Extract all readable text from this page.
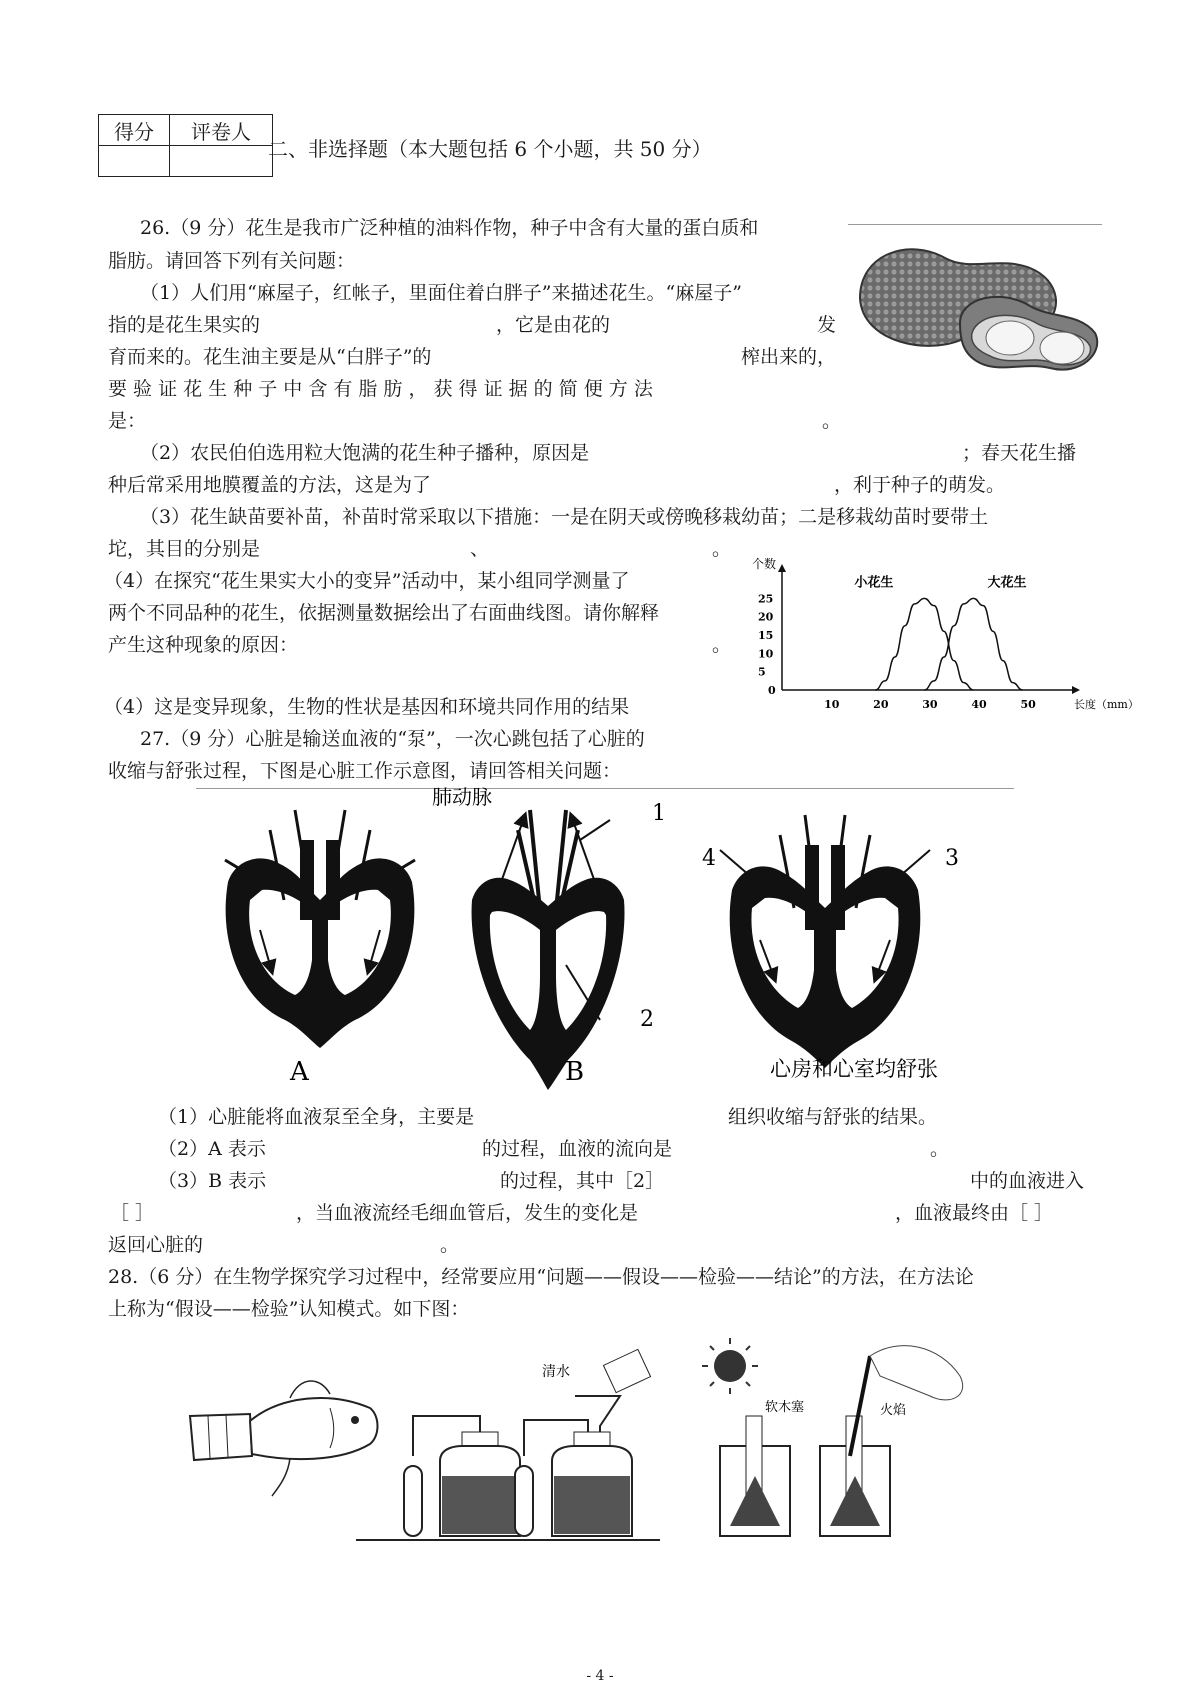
得分	评卷人

二、非选择题（本大题包括 6 个小题，共 50 分）
26.（9 分）花生是我市广泛种植的油料作物，种子中含有大量的蛋白质和
脂肪。请回答下列有关问题：
（1）人们用“麻屋子，红帐子，里面住着白胖子”来描述花生。“麻屋子”
指的是花生果实的	，它是由花的	发
育而来的。花生油主要是从“白胖子”的	榨出来的，
要 验 证 花 生 种 子 中 含 有 脂 肪 ， 获 得 证 据 的 简 便 方 法
是：	。
（2）农民伯伯选用粒大饱满的花生种子播种，原因是	；春天花生播
种后常采用地膜覆盖的方法，这是为了	，利于种子的萌发。
（3）花生缺苗要补苗，补苗时常采取以下措施：一是在阴天或傍晚移栽幼苗；二是移栽幼苗时要带土
坨，其目的分别是	、	。
（4）在探究“花生果实大小的变异”活动中，某小组同学测量了
两个不同品种的花生，依据测量数据绘出了右面曲线图。请你解释
产生这种现象的原因：	。
（4）这是变异现象，生物的性状是基因和环境共同作用的结果
个数
长度（mm）
0
10	20	30	40	50
5
10
15
20
25
小花生	大花生
27.（9 分）心脏是输送血液的“泵”，一次心跳包括了心脏的
收缩与舒张过程，下图是心脏工作示意图，请回答相关问题：
肺动脉
1
2
3
4
A	B	心房和心室均舒张
（1）心脏能将血液泵至全身，主要是	组织收缩与舒张的结果。
（2）A 表示	的过程，血液的流向是	。
（3）B 表示	的过程，其中［2］	中的血液进入
［ ］	，当血液流经毛细血管后，发生的变化是	，血液最终由［ ］
返回心脏的	。
28.（6 分）在生物学探究学习过程中，经常要应用“问题——假设——检验——结论”的方法，在方法论
上称为“假设——检验”认知模式。如下图：
清水
软木塞	火焰
- 4 -
